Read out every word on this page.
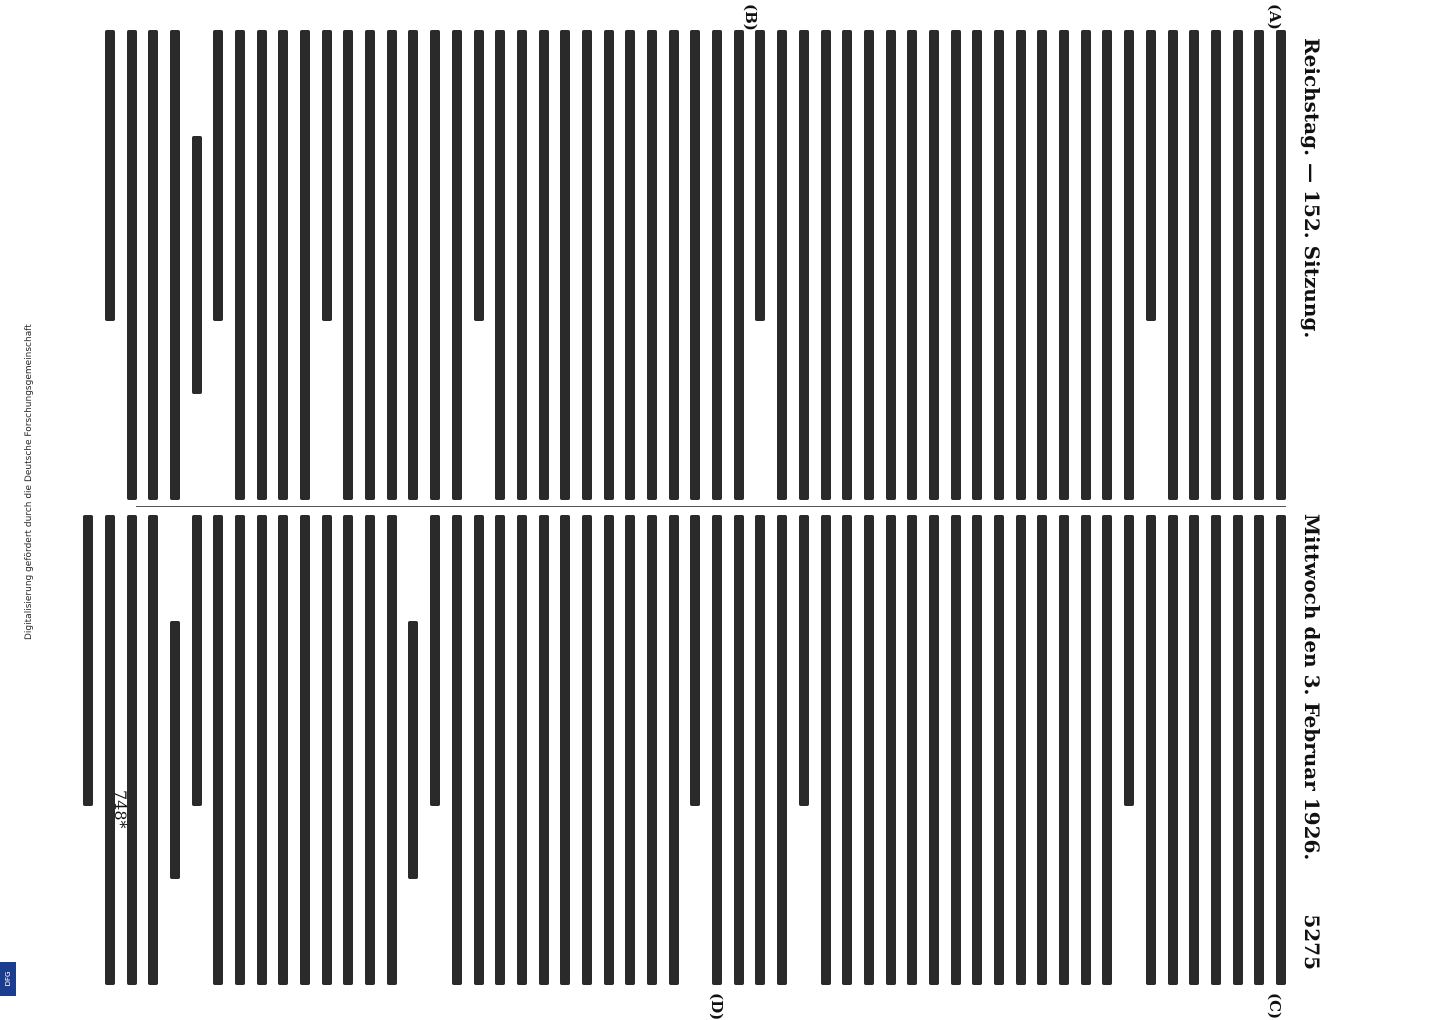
Reichstag. — 152. Sitzung.
Mittwoch den 3. Februar 1926.  5275
(A)
(B)
(C)
(D)
748*
Digitalisierung gefördert durch die Deutsche Forschungsgemeinschaft
DFG
